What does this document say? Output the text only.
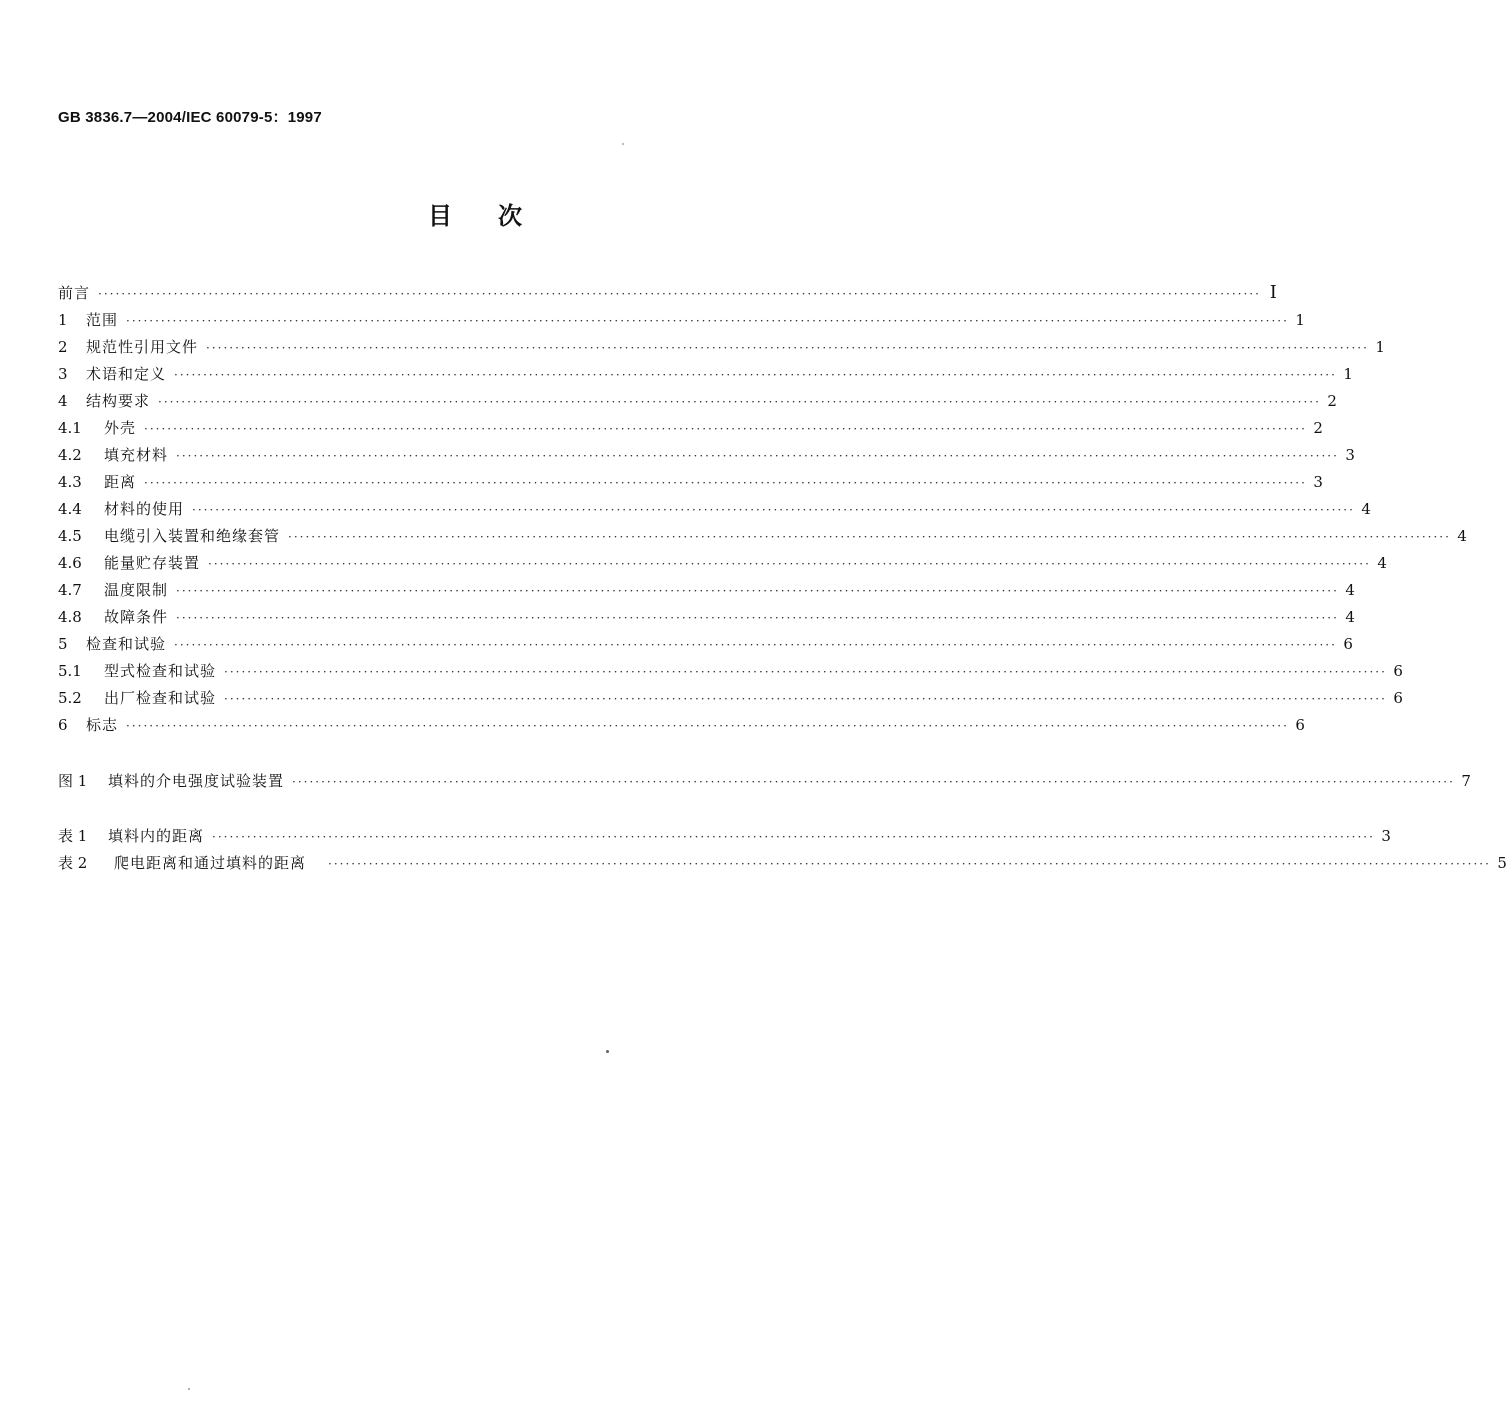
GB 3836.7—2004/IEC 60079-5：1997
目次
前言 ········································································································································································································ I
1	范围 ········································································································································································································ 1
2	规范性引用文件 ········································································································································································································ 1
3	术语和定义 ········································································································································································································ 1
4	结构要求 ········································································································································································································ 2
4.1	外壳 ········································································································································································································ 2
4.2	填充材料 ········································································································································································································ 3
4.3	距离 ········································································································································································································ 3
4.4	材料的使用 ········································································································································································································ 4
4.5	电缆引入装置和绝缘套管 ········································································································································································································ 4
4.6	能量贮存装置 ········································································································································································································ 4
4.7	温度限制 ········································································································································································································ 4
4.8	故障条件 ········································································································································································································ 4
5	检查和试验 ········································································································································································································ 6
5.1	型式检查和试验 ········································································································································································································ 6
5.2	出厂检查和试验 ········································································································································································································ 6
6	标志 ········································································································································································································ 6
图 1	填料的介电强度试验装置 ········································································································································································································ 7
表 1	填料内的距离 ········································································································································································································ 3
表 2	爬电距离和通过填料的距离 ········································································································································································································ 5
